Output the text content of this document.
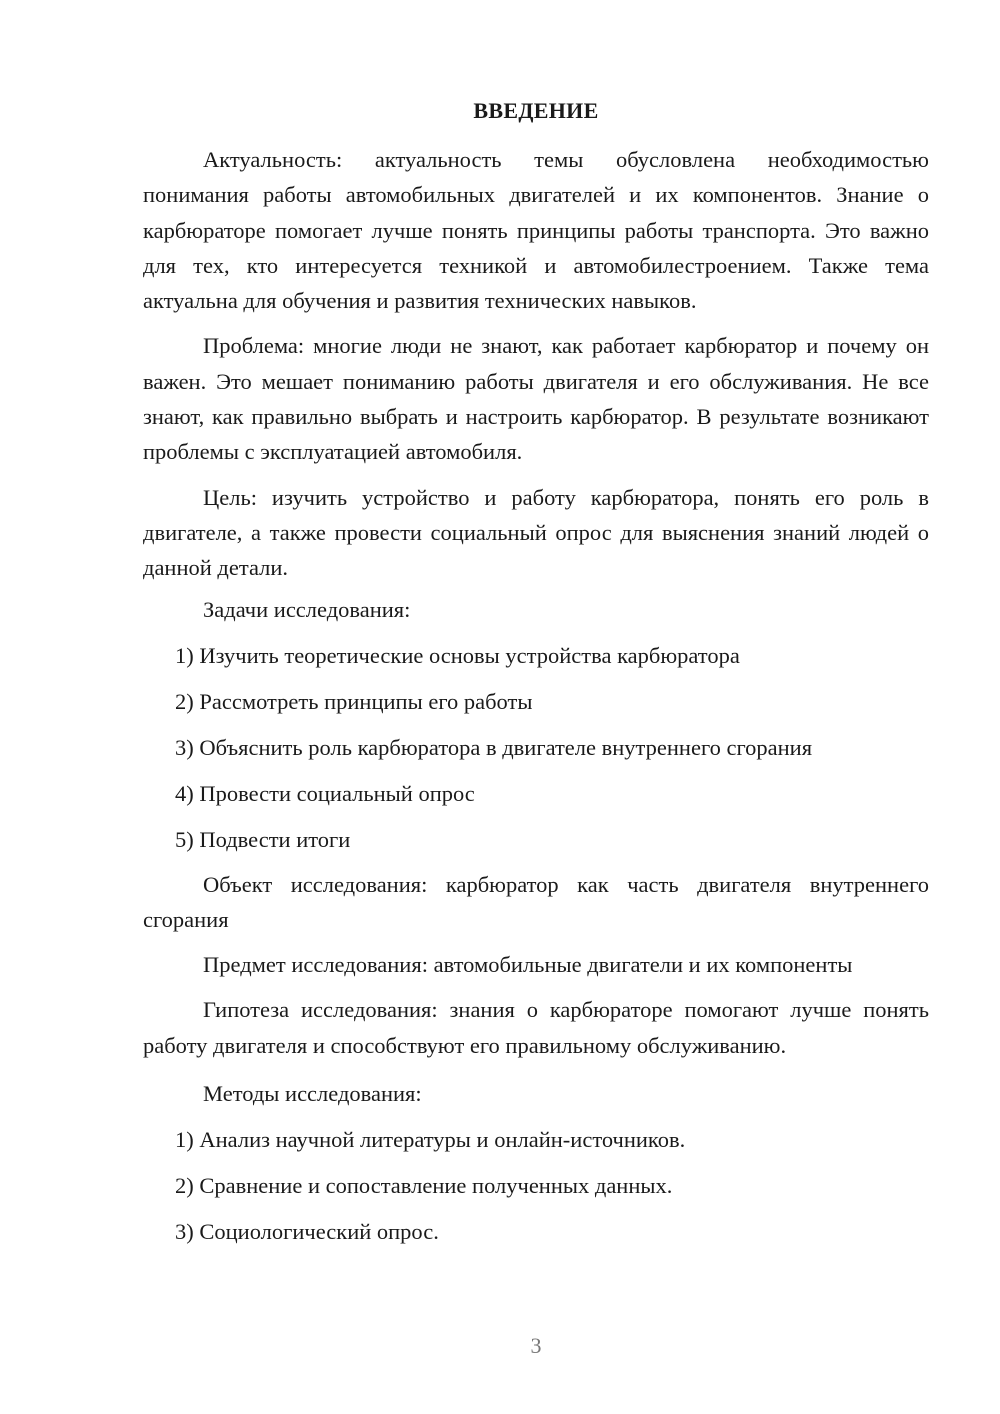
ВВЕДЕНИЕ

Актуальность: актуальность темы обусловлена необходимостью понимания работы автомобильных двигателей и их компонентов. Знание о карбюраторе помогает лучше понять принципы работы транспорта. Это важно для тех, кто интересуется техникой и автомобилестроением. Также тема актуальна для обучения и развития технических навыков.

Проблема: многие люди не знают, как работает карбюратор и почему он важен. Это мешает пониманию работы двигателя и его обслуживания. Не все знают, как правильно выбрать и настроить карбюратор. В результате возникают проблемы с эксплуатацией автомобиля.

Цель: изучить устройство и работу карбюратора, понять его роль в двигателе, а также провести социальный опрос для выяснения знаний людей о данной детали.

Задачи исследования:

1) Изучить теоретические основы устройства карбюратора

2) Рассмотреть принципы его работы

3) Объяснить роль карбюратора в двигателе внутреннего сгорания

4) Провести социальный опрос

5) Подвести итоги

Объект исследования: карбюратор как часть двигателя внутреннего сгорания

Предмет исследования: автомобильные двигатели и их компоненты

Гипотеза исследования: знания о карбюраторе помогают лучше понять работу двигателя и способствуют его правильному обслуживанию.

Методы исследования:

1) Анализ научной литературы и онлайн-источников.

2) Сравнение и сопоставление полученных данных.

3) Социологический опрос.

3
